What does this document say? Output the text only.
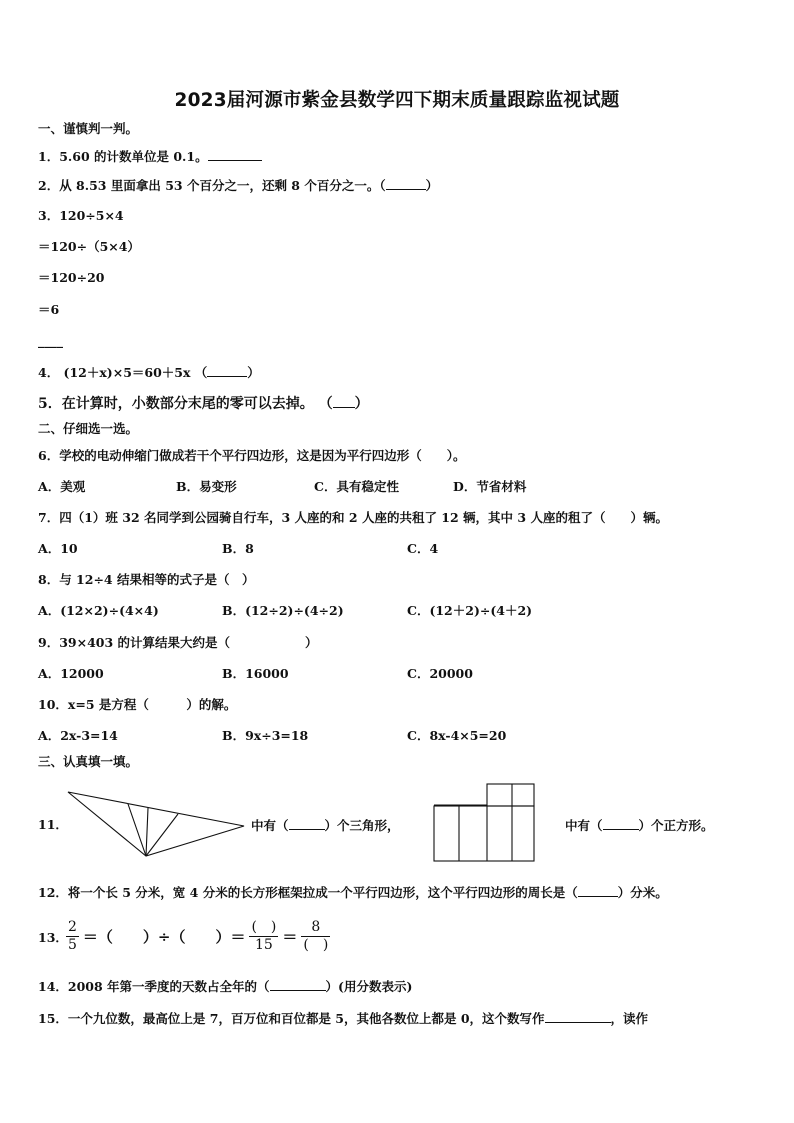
2023届河源市紫金县数学四下期末质量跟踪监视试题
一、谨慎判一判。
1．5.60 的计数单位是 0.1。
2．从 8.53 里面拿出 53 个百分之一，还剩 8 个百分之一。（	）
3．120÷5×4
＝120÷（5×4）
＝120÷20
＝6
____
4． (12＋x)×5＝60＋5x （	）
5．在计算时，小数部分末尾的零可以去掉。 （ ）
二、仔细选一选。
6．学校的电动伸缩门做成若干个平行四边形，这是因为平行四边形（　　）。
A．美观	B．易变形	C．具有稳定性	D．节省材料
7．四（1）班 32 名同学到公园骑自行车，3 人座的和 2 人座的共租了 12 辆，其中 3 人座的租了（　　）辆。
A．10	B．8	C．4
8．与 12÷4 结果相等的式子是（　）
A．(12×2)÷(4×4)	B．(12÷2)÷(4÷2)	C．(12＋2)÷(4＋2)
9．39×403 的计算结果大约是（　　　　　　）
A．12000	B．16000	C．20000
10．x=5 是方程（　　　）的解。
A．2x-3=14	B．9x÷3=18	C．8x-4×5=20
三、认真填一填。
11．	中有（	）个三角形，	中有（	）个正方形。
12．将一个长 5 分米，宽 4 分米的长方形框架拉成一个平行四边形，这个平行四边形的周长是（	）分米。
13．
$\frac{2}{5}$ ＝（　　）÷（　　）＝ $\frac{( )}{15} = \frac{8}{( )}$
14．2008 年第一季度的天数占全年的（	）(用分数表示)
15．一个九位数，最高位上是 7，百万位和百位都是 5，其他各数位上都是 0，这个数写作	，读作
